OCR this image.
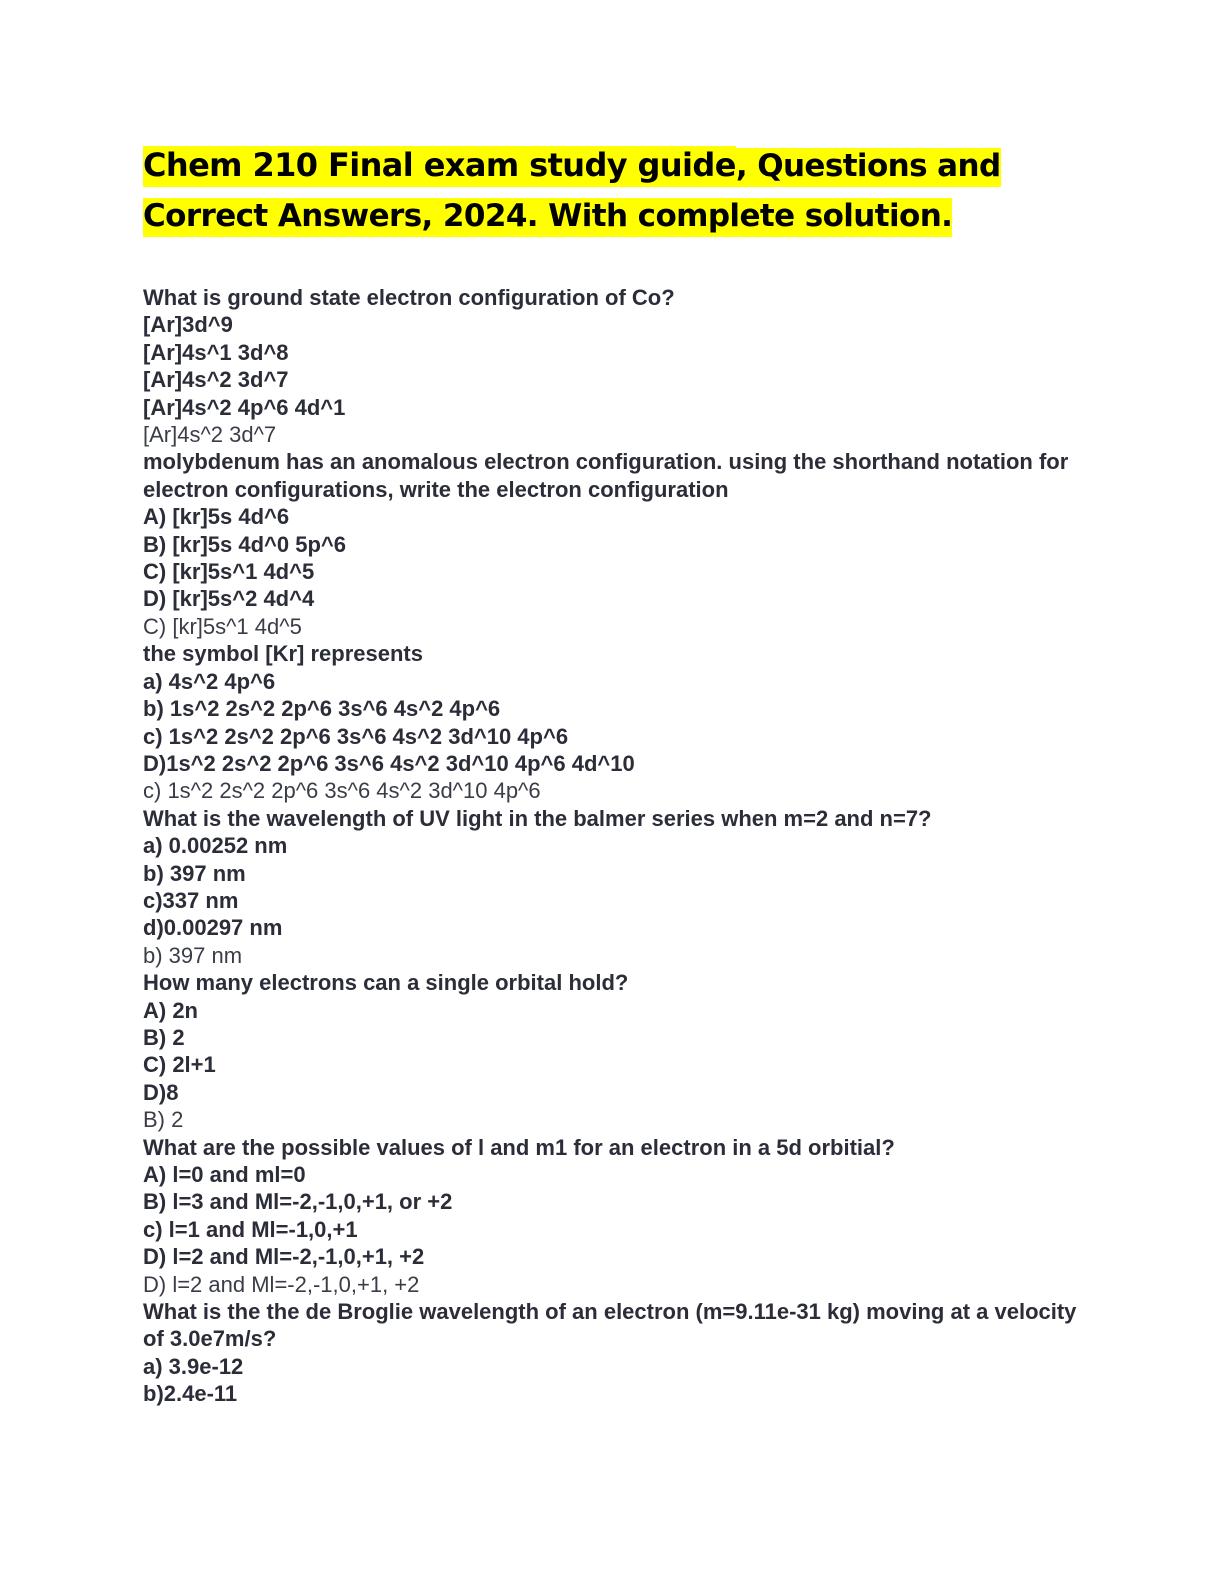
Chem 210 Final exam study guide, Questions and Correct Answers, 2024. With complete solution.
What is ground state electron configuration of Co?
[Ar]3d^9
[Ar]4s^1 3d^8
[Ar]4s^2 3d^7
[Ar]4s^2 4p^6 4d^1
[Ar]4s^2 3d^7
molybdenum has an anomalous electron configuration. using the shorthand notation for electron configurations, write the electron configuration
A) [kr]5s 4d^6
B) [kr]5s 4d^0 5p^6
C) [kr]5s^1 4d^5
D) [kr]5s^2 4d^4
C) [kr]5s^1 4d^5
the symbol [Kr] represents
a) 4s^2 4p^6
b) 1s^2 2s^2 2p^6 3s^6 4s^2 4p^6
c) 1s^2 2s^2 2p^6 3s^6 4s^2 3d^10 4p^6
D)1s^2 2s^2 2p^6 3s^6 4s^2 3d^10 4p^6 4d^10
c) 1s^2 2s^2 2p^6 3s^6 4s^2 3d^10 4p^6
What is the wavelength of UV light in the balmer series when m=2 and n=7?
a) 0.00252 nm
b) 397 nm
c)337 nm
d)0.00297 nm
b) 397 nm
How many electrons can a single orbital hold?
A) 2n
B) 2
C) 2l+1
D)8
B) 2
What are the possible values of l and m1 for an electron in a 5d orbitial?
A) l=0 and ml=0
B) l=3 and Ml=-2,-1,0,+1, or +2
c) l=1 and Ml=-1,0,+1
D) l=2 and Ml=-2,-1,0,+1, +2
D) l=2 and Ml=-2,-1,0,+1, +2
What is the the de Broglie wavelength of an electron (m=9.11e-31 kg) moving at a velocity of 3.0e7m/s?
a) 3.9e-12
b)2.4e-11
